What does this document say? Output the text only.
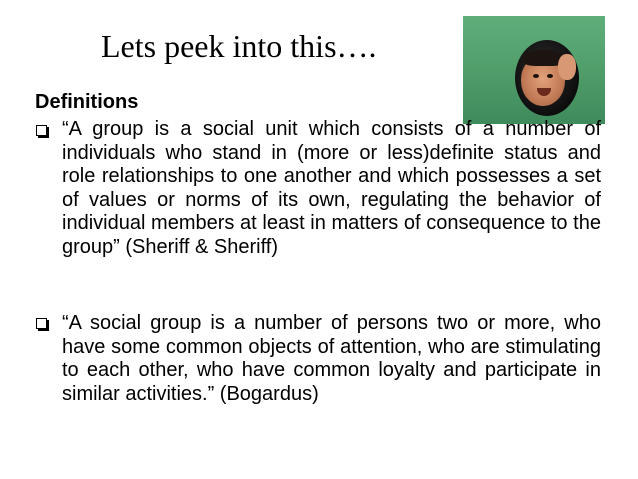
Lets peek into this….
Definitions
“A group is a social unit which consists of a number of individuals who stand in (more or less)definite status and role relationships to one another and which possesses a set of values or norms of its own, regulating the behavior of individual members at least in matters of consequence to the group” (Sheriff & Sheriff)
“A social group is a number of persons two or more, who have some common objects of attention, who are stimulating to each other, who have common loyalty and participate in similar activities.” (Bogardus)
